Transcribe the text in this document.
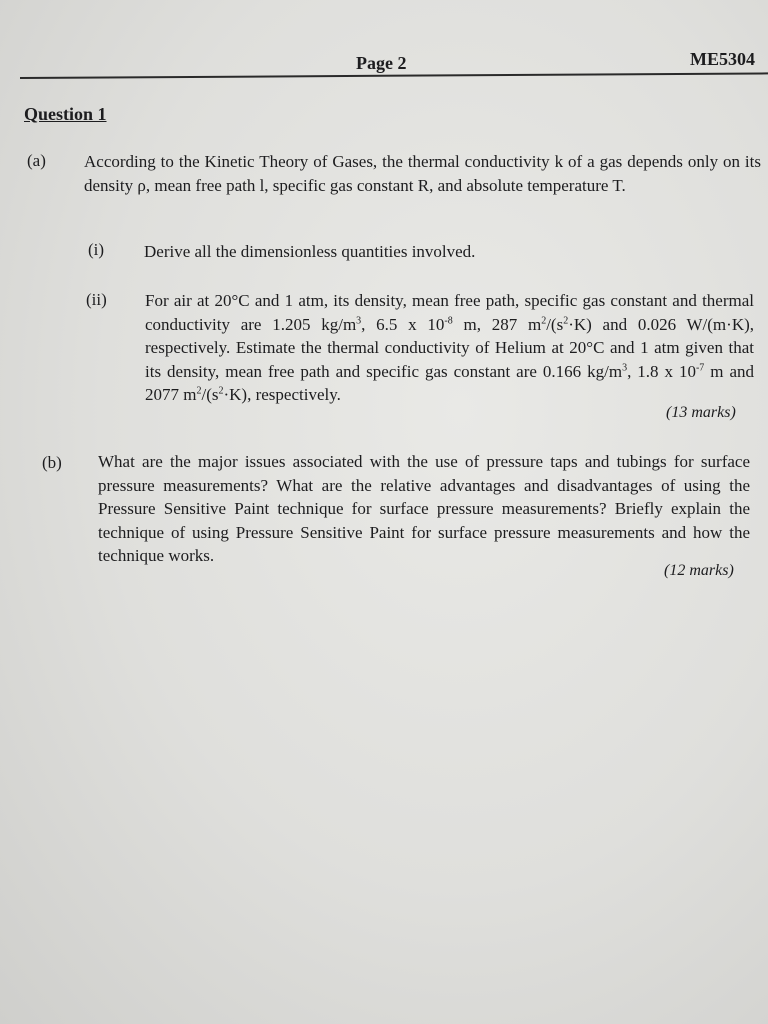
Page 2	ME5304
Question 1
(a) According to the Kinetic Theory of Gases, the thermal conductivity k of a gas depends only on its density ρ, mean free path l, specific gas constant R, and absolute temperature T.
(i) Derive all the dimensionless quantities involved.
(ii) For air at 20°C and 1 atm, its density, mean free path, specific gas constant and thermal conductivity are 1.205 $kg/m^3$, 6.5 x $10^{-8}$ m, 287 $m^2/(s^2\cdot K)$ and 0.026 W/(m·K), respectively. Estimate the thermal conductivity of Helium at 20°C and 1 atm given that its density, mean free path and specific gas constant are 0.166 $kg/m^3$, 1.8 x $10^{-7}$ m and 2077 $m^2/(s^2\cdot K)$, respectively.
(13 marks)
(b) What are the major issues associated with the use of pressure taps and tubings for surface pressure measurements? What are the relative advantages and disadvantages of using the Pressure Sensitive Paint technique for surface pressure measurements? Briefly explain the technique of using Pressure Sensitive Paint for surface pressure measurements and how the technique works.
(12 marks)
